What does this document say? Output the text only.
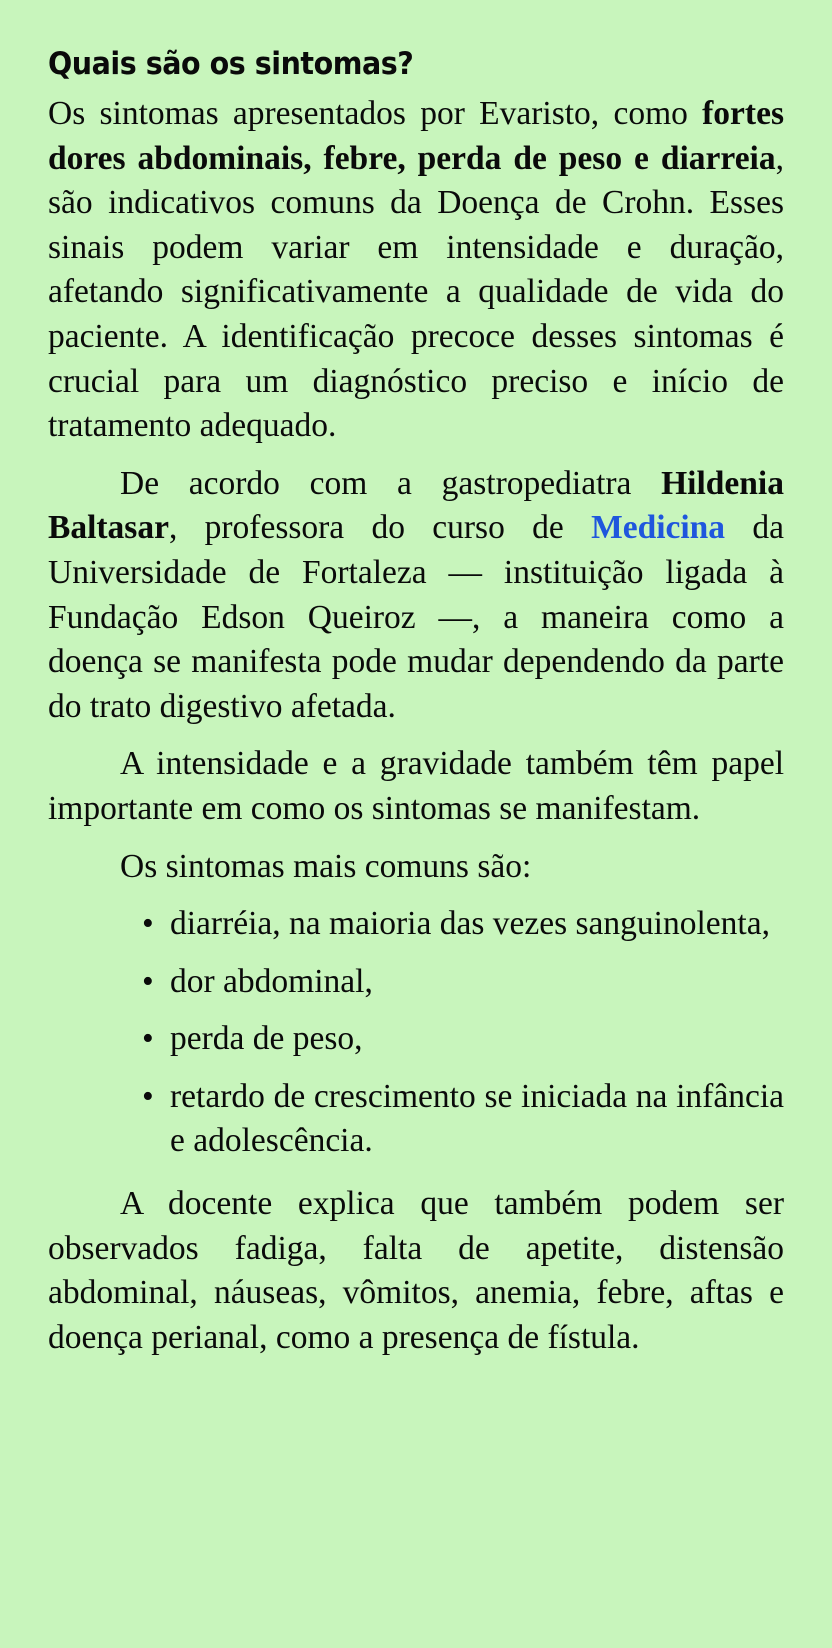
Quais são os sintomas?

Os sintomas apresentados por Evaristo, como fortes dores abdominais, febre, perda de peso e diarreia, são indicativos comuns da Doença de Crohn. Esses sinais podem variar em intensidade e duração, afetando significativamente a qualidade de vida do paciente. A identificação precoce desses sintomas é crucial para um diagnóstico preciso e início de tratamento adequado.

De acordo com a gastropediatra Hildenia Baltasar, professora do curso de Medicina da Universidade de Fortaleza — instituição ligada à Fundação Edson Queiroz —, a maneira como a doença se manifesta pode mudar dependendo da parte do trato digestivo afetada.

A intensidade e a gravidade também têm papel importante em como os sintomas se manifestam.

Os sintomas mais comuns são:

• diarréia, na maioria das vezes sanguinolenta,
• dor abdominal,
• perda de peso,
• retardo de crescimento se iniciada na infância e adolescência.

A docente explica que também podem ser observados fadiga, falta de apetite, distensão abdominal, náuseas, vômitos, anemia, febre, aftas e doença perianal, como a presença de fístula.
